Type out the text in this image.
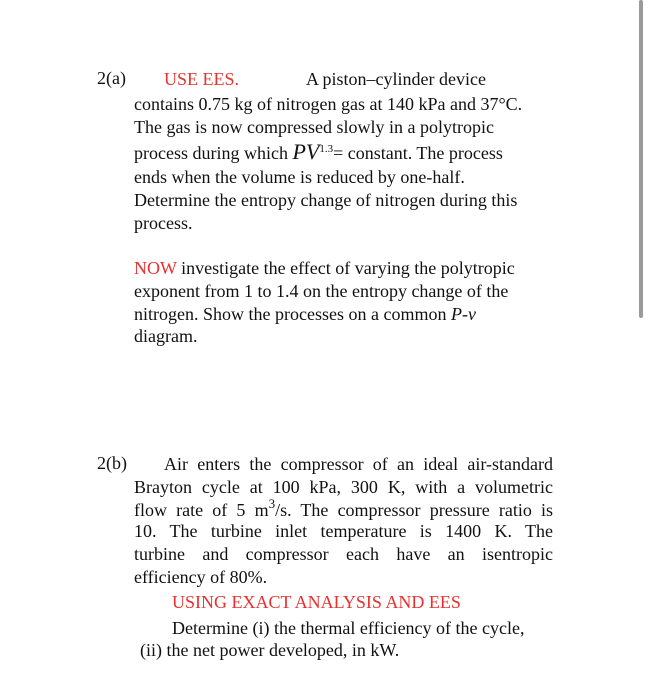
2(a) USE EES.	A piston–cylinder device
contains 0.75 kg of nitrogen gas at 140 kPa and 37°C.
The gas is now compressed slowly in a polytropic
process during which $PV^{1.3}=$ constant. The process
ends when the volume is reduced by one-half.
Determine the entropy change of nitrogen during this
process.
NOW investigate the effect of varying the polytropic
exponent from 1 to 1.4 on the entropy change of the
nitrogen. Show the processes on a common P-v
diagram.
2(b) Air enters the compressor of an ideal air-standard
Brayton cycle at 100 kPa, 300 K, with a volumetric
flow rate of 5 $m^3/s$. The compressor pressure ratio is
10. The turbine inlet temperature is 1400 K. The
turbine and compressor each have an isentropic
efficiency of 80%.
USING EXACT ANALYSIS AND EES
Determine (i) the thermal efficiency of the cycle,
(ii) the net power developed, in kW.
